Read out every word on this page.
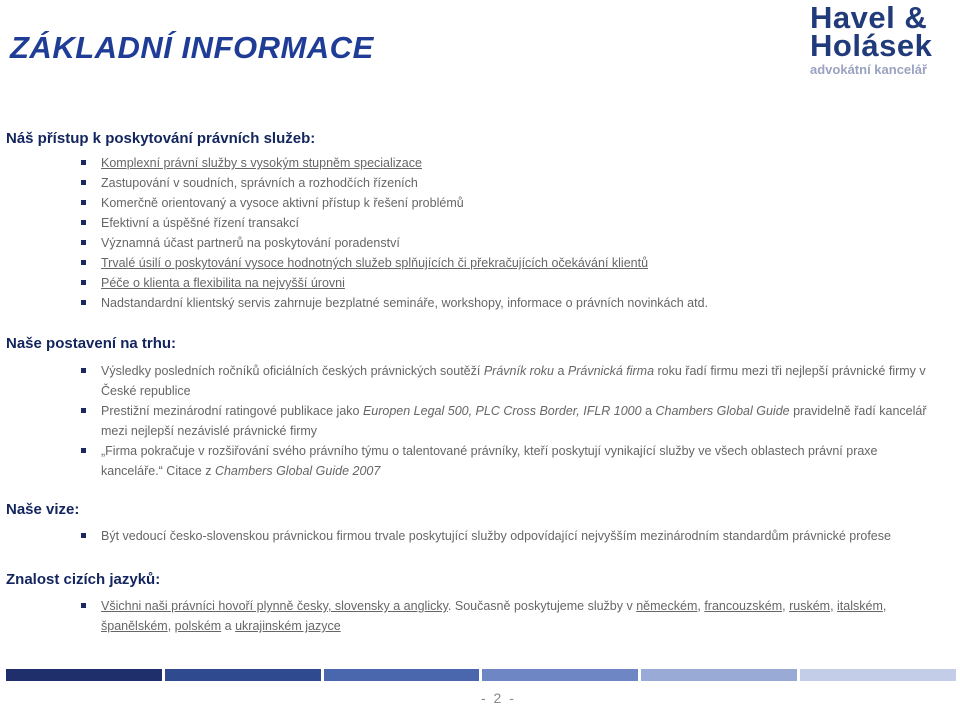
ZÁKLADNÍ INFORMACE
Havel &
Holásek
advokátní kancelář
Náš přístup k poskytování právních služeb:
Komplexní právní služby s vysokým stupněm specializace
Zastupování v soudních, správních a rozhodčích řízeních
Komerčně orientovaný a vysoce aktivní přístup k řešení problémů
Efektivní a úspěšné řízení transakcí
Významná účast partnerů na poskytování poradenství
Trvalé úsilí o poskytování vysoce hodnotných služeb splňujících či překračujících očekávání klientů
Péče o klienta a flexibilita na nejvyšší úrovni
Nadstandardní klientský servis zahrnuje bezplatné semináře, workshopy, informace o právních novinkách atd.
Naše postavení na trhu:
Výsledky posledních ročníků oficiálních českých právnických soutěží Právník roku a Právnická firma roku řadí firmu mezi tři nejlepší právnické firmy v České republice
Prestižní mezinárodní ratingové publikace jako Europen Legal 500, PLC Cross Border, IFLR 1000 a Chambers Global Guide pravidelně řadí kancelář mezi nejlepší nezávislé právnické firmy
„Firma pokračuje v rozšiřování svého právního týmu o talentované právníky, kteří poskytují vynikající služby ve všech oblastech právní praxe kanceláře.“ Citace z Chambers Global Guide 2007
Naše vize:
Být vedoucí česko-slovenskou právnickou firmou trvale poskytující služby odpovídající nejvyšším mezinárodním standardům právnické profese
Znalost cizích jazyků:
Všichni naši právníci hovoří plynně česky, slovensky a anglicky. Současně poskytujeme služby v německém, francouzském, ruském, italském, španělském, polském a ukrajinském jazyce
- 2 -
